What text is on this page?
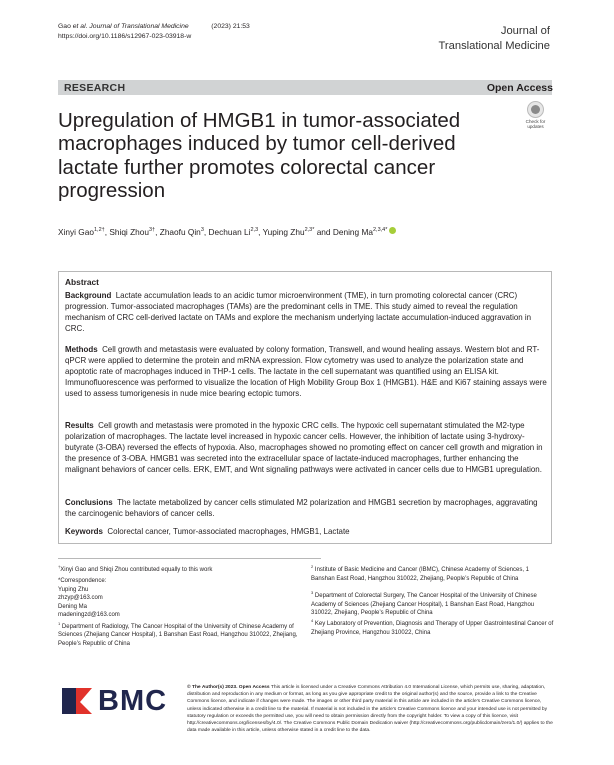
Gao et al. Journal of Translational Medicine	(2023) 21:53
https://doi.org/10.1186/s12967-023-03918-w	Journal of
Translational Medicine
RESEARCH	Open Access
Check for
updates
Upregulation of HMGB1 in tumor-associated macrophages induced by tumor cell-derived lactate further promotes colorectal cancer progression
Xinyi Gao$^{1,2\dagger}$, Shiqi Zhou$^{3\dagger}$, Zhaofu Qin$^3$, Dechuan Li$^{2,3}$, Yuping Zhu$^{2,3*}$ and Dening $Ma^{2,3,4*}$
Abstract
Background Lactate accumulation leads to an acidic tumor microenvironment (TME), in turn promoting colorectal cancer (CRC) progression. Tumor-associated macrophages (TAMs) are the predominant cells in TME. This study aimed to reveal the regulation mechanism of CRC cell-derived lactate on TAMs and explore the mechanism underlying lactate accumulation-induced aggravation in CRC.
Methods Cell growth and metastasis were evaluated by colony formation, Transwell, and wound healing assays. Western blot and RT-qPCR were applied to determine the protein and mRNA expression. Flow cytometry was used to analyze the polarization state and apoptotic rate of macrophages induced in THP-1 cells. The lactate in the cell supernatant was quantified using an ELISA kit. Immunofluorescence was performed to visualize the location of High Mobility Group Box 1 (HMGB1). H&E and Ki67 staining assays were used to assess tumorigenesis in nude mice bearing ectopic tumors.
Results Cell growth and metastasis were promoted in the hypoxic CRC cells. The hypoxic cell supernatant stimulated the M2-type polarization of macrophages. The lactate level increased in hypoxic cancer cells. However, the inhibition of lactate using 3-hydroxy-butyrate (3-OBA) reversed the effects of hypoxia. Also, macrophages showed no promoting effect on cancer cell growth and migration in the presence of 3-OBA. HMGB1 was secreted into the extracellular space of lactate-induced macrophages, further enhancing the malignant behaviors of cancer cells. ERK, EMT, and Wnt signaling pathways were activated in cancer cells due to HMGB1 upregulation.
Conclusions The lactate metabolized by cancer cells stimulated M2 polarization and HMGB1 secretion by macrophages, aggravating the carcinogenic behaviors of cancer cells.
Keywords Colorectal cancer, Tumor-associated macrophages, HMGB1, Lactate
†Xinyi Gao and Shiqi Zhou contributed equally to this work
*Correspondence:
Yuping Zhu
zhzyp@163.com
Dening Ma
madeningzd@163.com
$^1$ Department of Radiology, The Cancer Hospital of the University of Chinese Academy of Sciences (Zhejiang Cancer Hospital), 1 Banshan East Road, Hangzhou 310022, Zhejiang, People’s Republic of China
$^2$ Institute of Basic Medicine and Cancer (IBMC), Chinese Academy of Sciences, 1 Banshan East Road, Hangzhou 310022, Zhejiang, People’s Republic of China
$^3$ Department of Colorectal Surgery, The Cancer Hospital of the University of Chinese Academy of Sciences (Zhejiang Cancer Hospital), 1 Banshan East Road, Hangzhou 310022, Zhejiang, People’s Republic of China
$^4$ Key Laboratory of Prevention, Diagnosis and Therapy of Upper Gastrointestinal Cancer of Zhejiang Province, Hangzhou 310022, China
BMC	© The Author(s) 2023. Open Access This article is licensed under a Creative Commons Attribution 4.0 International License, which permits use, sharing, adaptation, distribution and reproduction in any medium or format, as long as you give appropriate credit to the original author(s) and the source, provide a link to the Creative Commons licence, and indicate if changes were made. The images or other third party material in this article are included in the article’s Creative Commons licence, unless indicated otherwise in a credit line to the material. If material is not included in the article’s Creative Commons licence and your intended use is not permitted by statutory regulation or exceeds the permitted use, you will need to obtain permission directly from the copyright holder. To view a copy of this licence, visit http://creativecommons.org/licenses/by/4.0/. The Creative Commons Public Domain Dedication waiver (http://creativecommons.org/publicdomain/zero/1.0/) applies to the data made available in this article, unless otherwise stated in a credit line to the data.
